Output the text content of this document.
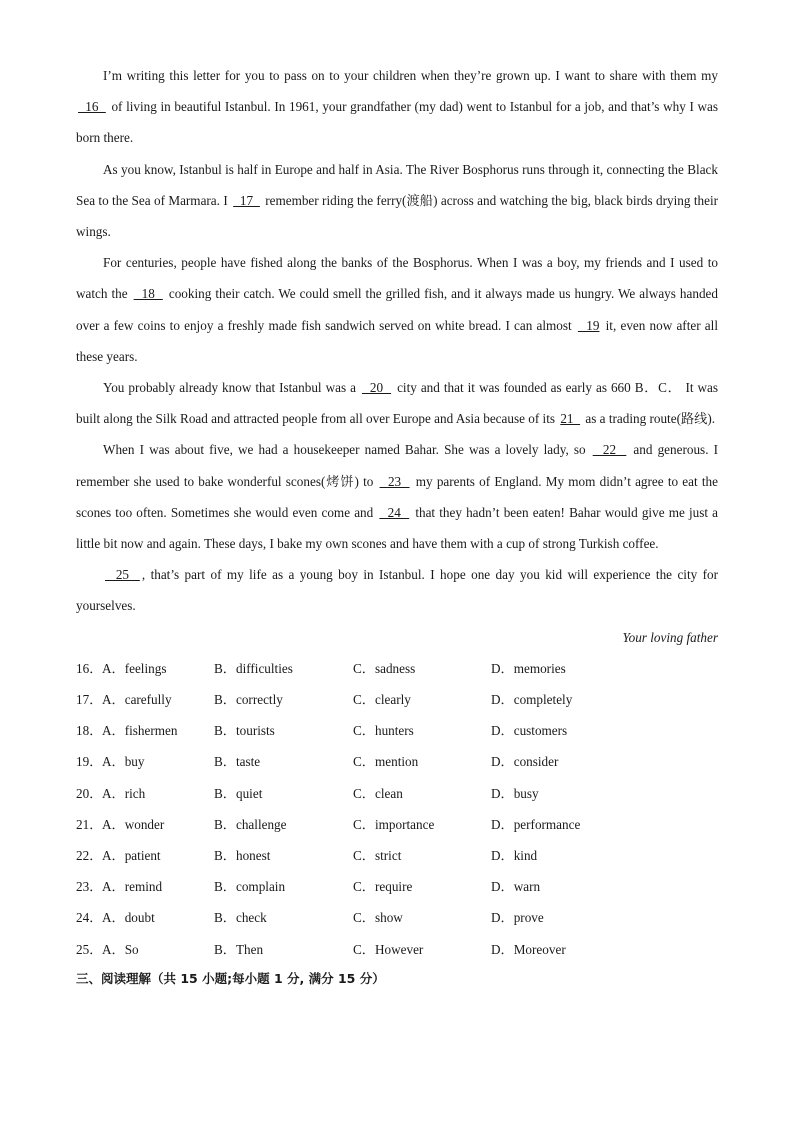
I’m writing this letter for you to pass on to your children when they’re grown up. I want to share with them my   16   of living in beautiful Istanbul. In 1961, your grandfather (my dad) went to Istanbul for a job, and that’s why I was born there.

As you know, Istanbul is half in Europe and half in Asia. The River Bosphorus runs through it, connecting the Black Sea to the Sea of Marmara. I   17   remember riding the ferry(渡船) across and watching the big, black birds drying their wings.

For centuries, people have fished along the banks of the Bosphorus. When I was a boy, my friends and I used to watch the   18   cooking their catch. We could smell the grilled fish, and it always made us hungry. We always handed over a few coins to enjoy a freshly made fish sandwich served on white bread. I can almost   19 it, even now after all these years.

You probably already know that Istanbul was a   20   city and that it was founded as early as 660 B．C． It was built along the Silk Road and attracted people from all over Europe and Asia because of its 21   as a trading route(路线).

When I was about five, we had a housekeeper named Bahar. She was a lovely lady, so   22   and generous. I remember she used to bake wonderful scones(烤饼) to   23   my parents of England. My mom didn’t agree to eat the scones too often. Sometimes she would even come and   24   that they hadn’t been eaten! Bahar would give me just a little bit now and again. These days, I bake my own scones and have them with a cup of strong Turkish coffee.

25  , that’s part of my life as a young boy in Istanbul. I hope one day you kid will experience the city for yourselves.

Your loving father

16． A．feelings	B．difficulties	C．sadness	D．memories
17． A．carefully	B．correctly	C．clearly	D．completely
18． A．fishermen	B．tourists	C．hunters	D．customers
19． A．buy	B．taste	C．mention	D．consider
20． A．rich	B．quiet	C．clean	D．busy
21． A．wonder	B．challenge	C．importance	D．performance
22． A．patient	B．honest	C．strict	D．kind
23． A．remind	B．complain	C．require	D．warn
24． A．doubt	B．check	C．show	D．prove
25． A．So	B．Then	C．However	D．Moreover
三、阅读理解（共 15 小题;每小题 1 分, 满分 15 分）
